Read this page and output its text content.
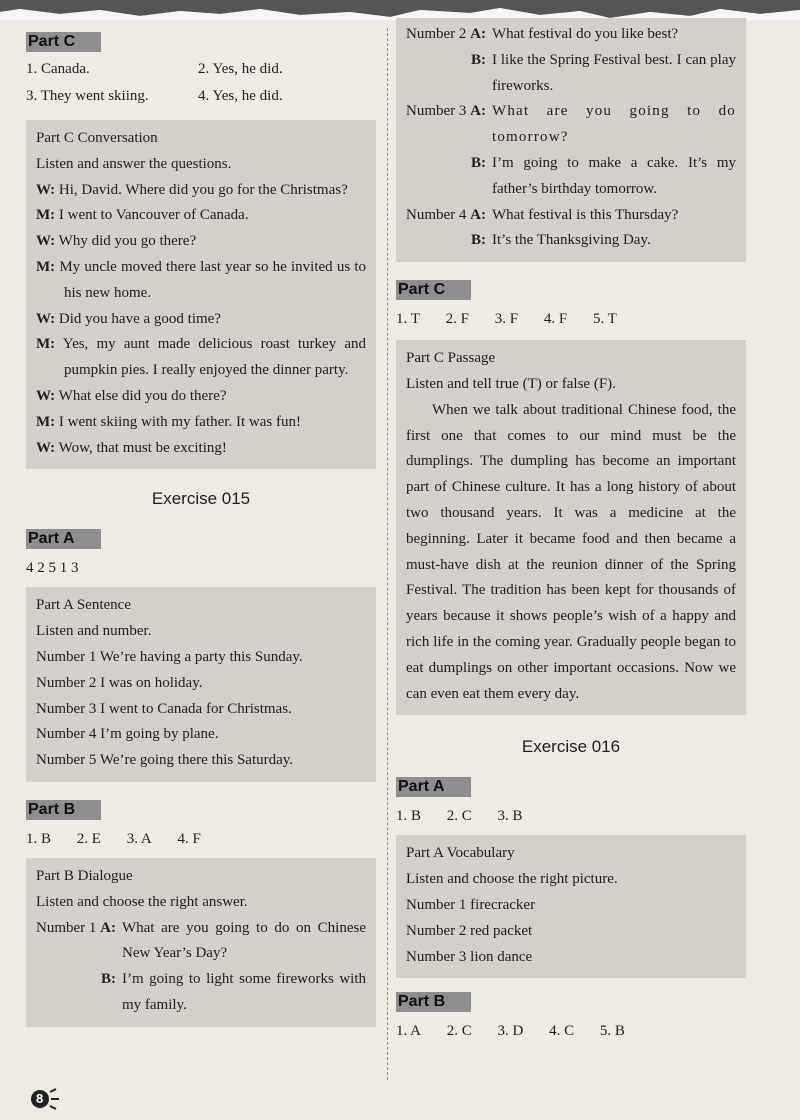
Part C
1. Canada.	2. Yes, he did.
3. They went skiing.	4. Yes, he did.

Part C Conversation

Listen and answer the questions.

W: Hi, David. Where did you go for the Christmas?

M: I went to Vancouver of Canada.

W: Why did you go there?

M: My uncle moved there last year so he invited us to his new home.

W: Did you have a good time?

M: Yes, my aunt made delicious roast turkey and pumpkin pies. I really enjoyed the dinner party.

W: What else did you do there?

M: I went skiing with my father. It was fun!

W: Wow, that must be exciting!

Exercise 015

Part A
4 2 5 1 3

Part A Sentence

Listen and number.

Number 1 We’re having a party this Sunday.

Number 2 I was on holiday.

Number 3 I went to Canada for Christmas.

Number 4 I’m going by plane.

Number 5 We’re going there this Saturday.

Part B
1. B 2. E 3. A 4. F

Part B Dialogue

Listen and choose the right answer.

Number 1 A: What are you going to do on Chinese New Year’s Day?
B: I’m going to light some fireworks with my family.
Number 2 A: What festival do you like best?
B: I like the Spring Festival best. I can play fireworks.
Number 3 A: What are you going to do tomorrow?
B: I’m going to make a cake. It’s my father’s birthday tomorrow.
Number 4 A: What festival is this Thursday?
B: It’s the Thanksgiving Day.
Part C
1. T 2. F 3. F 4. F 5. T

Part C Passage

Listen and tell true (T) or false (F).

When we talk about traditional Chinese food, the first one that comes to our mind must be the dumplings. The dumpling has become an important part of Chinese culture. It has a long history of about two thousand years. It was a medicine at the beginning. Later it became food and then became a must-have dish at the reunion dinner of the Spring Festival. The tradition has been kept for thousands of years because it shows people’s wish of a happy and rich life in the coming year. Gradually people began to eat dumplings on other important occasions. Now we can even eat them every day.

Exercise 016

Part A
1. B 2. C 3. B

Part A Vocabulary

Listen and choose the right picture.

Number 1 firecracker

Number 2 red packet

Number 3 lion dance

Part B
1. A 2. C 3. D 4. C 5. B
8
